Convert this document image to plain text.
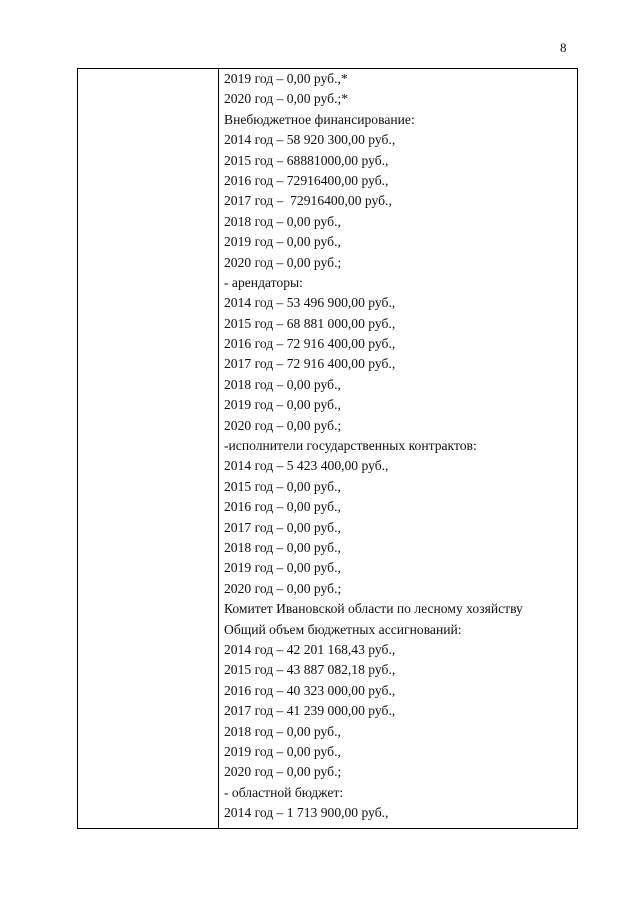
8
2019 год – 0,00 руб.,*
2020 год – 0,00 руб.;*
Внебюджетное финансирование:
2014 год – 58 920 300,00 руб.,
2015 год – 68881000,00 руб.,
2016 год – 72916400,00 руб.,
2017 год –  72916400,00 руб.,
2018 год – 0,00 руб.,
2019 год – 0,00 руб.,
2020 год – 0,00 руб.;
- арендаторы:
2014 год – 53 496 900,00 руб.,
2015 год – 68 881 000,00 руб.,
2016 год – 72 916 400,00 руб.,
2017 год – 72 916 400,00 руб.,
2018 год – 0,00 руб.,
2019 год – 0,00 руб.,
2020 год – 0,00 руб.;
-исполнители государственных контрактов:
2014 год – 5 423 400,00 руб.,
2015 год – 0,00 руб.,
2016 год – 0,00 руб.,
2017 год – 0,00 руб.,
2018 год – 0,00 руб.,
2019 год – 0,00 руб.,
2020 год – 0,00 руб.;
Комитет Ивановской области по лесному хозяйству
Общий объем бюджетных ассигнований:
2014 год – 42 201 168,43 руб.,
2015 год – 43 887 082,18 руб.,
2016 год – 40 323 000,00 руб.,
2017 год – 41 239 000,00 руб.,
2018 год – 0,00 руб.,
2019 год – 0,00 руб.,
2020 год – 0,00 руб.;
- областной бюджет:
2014 год – 1 713 900,00 руб.,
